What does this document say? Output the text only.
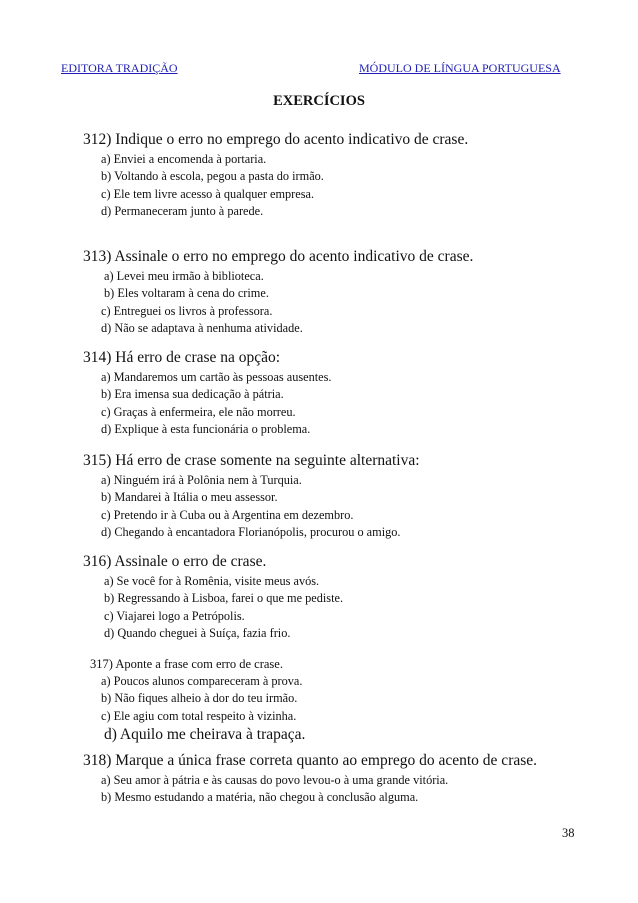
EDITORA TRADIÇÃO	MÓDULO DE LÍNGUA PORTUGUESA
EXERCÍCIOS
312) Indique o erro no emprego do acento indicativo de crase.
a) Enviei a encomenda à portaria.
b) Voltando à escola, pegou a pasta do irmão.
c) Ele tem livre acesso à qualquer empresa.
d) Permaneceram junto à parede.
313) Assinale o erro no emprego do acento indicativo de crase.
a) Levei meu irmão à biblioteca.
b) Eles voltaram à cena do crime.
c) Entreguei os livros à professora.
d) Não se adaptava à nenhuma atividade.
314) Há erro de crase na opção:
a) Mandaremos um cartão às pessoas ausentes.
b) Era imensa sua dedicação à pátria.
c) Graças à enfermeira, ele não morreu.
d) Explique à esta funcionária o problema.
315) Há erro de crase somente na seguinte alternativa:
a) Ninguém irá à Polônia nem à Turquia.
b) Mandarei à Itália o meu assessor.
c) Pretendo ir à Cuba ou à Argentina em dezembro.
d) Chegando à encantadora Florianópolis, procurou o amigo.
316) Assinale o erro de crase.
a) Se você for à Romênia, visite meus avós.
b) Regressando à Lisboa, farei o que me pediste.
c) Viajarei logo a Petrópolis.
d) Quando cheguei à Suíça, fazia frio.
317) Aponte a frase com erro de crase.
a) Poucos alunos compareceram à prova.
b) Não fiques alheio à dor do teu irmão.
c) Ele agiu com total respeito à vizinha.
d) Aquilo me cheirava à trapaça.
318) Marque a única frase correta quanto ao emprego do acento de crase.
a) Seu amor à pátria e às causas do povo levou-o à uma grande vitória.
b) Mesmo estudando a matéria, não chegou à conclusão alguma.
38
